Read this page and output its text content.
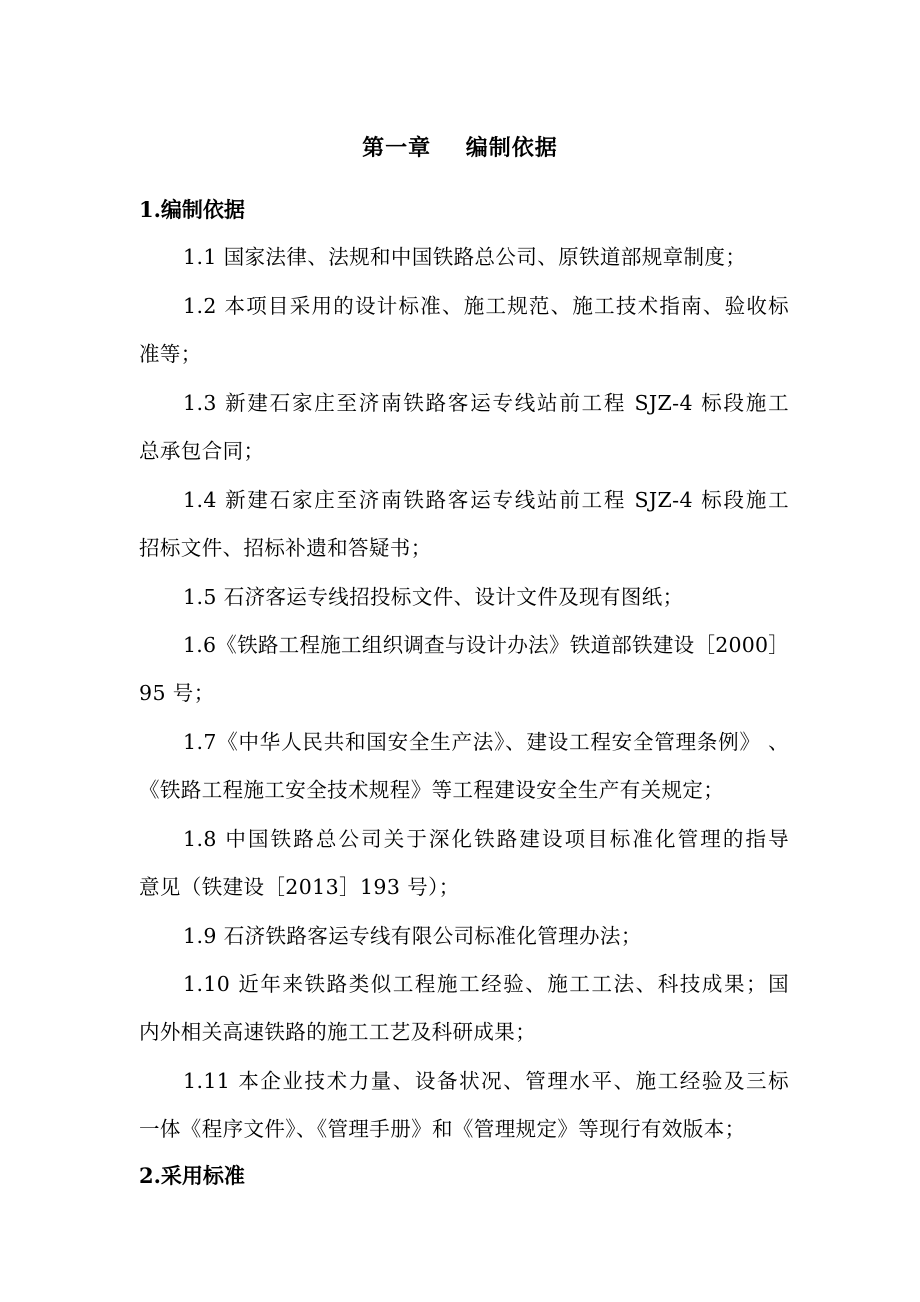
第一章    编制依据
1.编制依据
1.1 国家法律、法规和中国铁路总公司、原铁道部规章制度；
1.2 本项目采用的设计标准、施工规范、施工技术指南、验收标
准等；
1.3 新建石家庄至济南铁路客运专线站前工程 SJZ-4 标段施工
总承包合同；
1.4 新建石家庄至济南铁路客运专线站前工程 SJZ-4 标段施工
招标文件、招标补遗和答疑书；
1.5 石济客运专线招投标文件、设计文件及现有图纸；
1.6《铁路工程施工组织调查与设计办法》铁道部铁建设［2000］
95 号；
1.7《中华人民共和国安全生产法》、建设工程安全管理条例》 、
《铁路工程施工安全技术规程》等工程建设安全生产有关规定；
1.8 中国铁路总公司关于深化铁路建设项目标准化管理的指导
意见（铁建设［2013］193 号）；
1.9 石济铁路客运专线有限公司标准化管理办法；
1.10 近年来铁路类似工程施工经验、施工工法、科技成果；国
内外相关高速铁路的施工工艺及科研成果；
1.11 本企业技术力量、设备状况、管理水平、施工经验及三标
一体《程序文件》、《管理手册》和《管理规定》等现行有效版本；
2.采用标准
